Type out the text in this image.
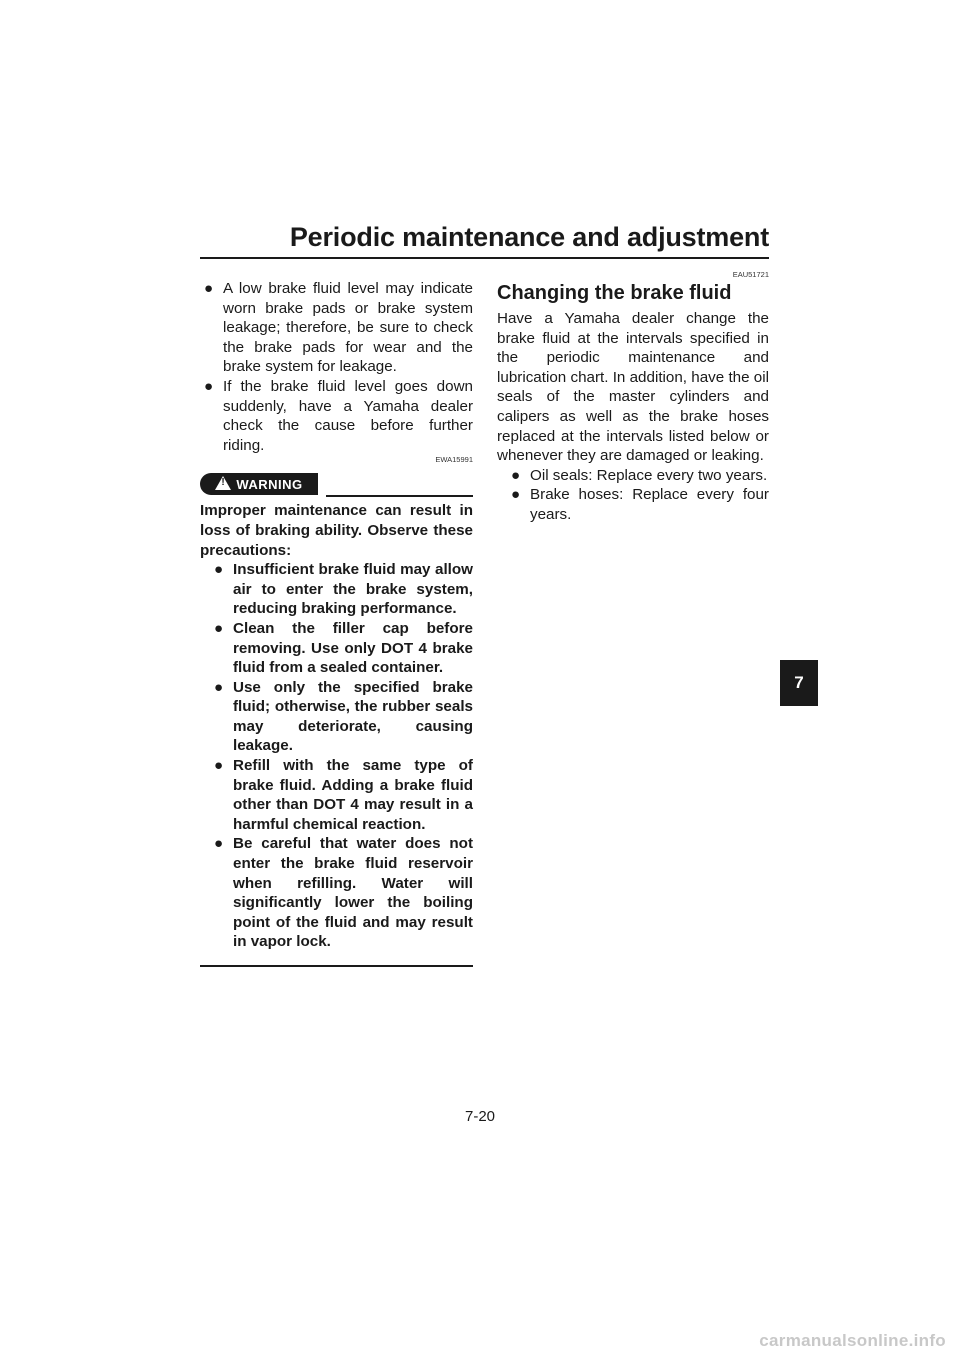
Periodic maintenance and adjustment
● A low brake fluid level may indicate worn brake pads or brake system leakage; therefore, be sure to check the brake pads for wear and the brake system for leakage.
● If the brake fluid level goes down suddenly, have a Yamaha dealer check the cause before further riding.
EWA15991
!
WARNING
Improper maintenance can result in loss of braking ability. Observe these precautions:
● Insufficient brake fluid may allow air to enter the brake system, reducing braking performance.
● Clean the filler cap before removing. Use only DOT 4 brake fluid from a sealed container.
● Use only the specified brake fluid; otherwise, the rubber seals may deteriorate, causing leakage.
● Refill with the same type of brake fluid. Adding a brake fluid other than DOT 4 may result in a harmful chemical reaction.
● Be careful that water does not enter the brake fluid reservoir when refilling. Water will significantly lower the boiling point of the fluid and may result in vapor lock.
EAU51721
Changing the brake fluid
Have a Yamaha dealer change the brake fluid at the intervals specified in the periodic maintenance and lubrication chart. In addition, have the oil seals of the master cylinders and calipers as well as the brake hoses replaced at the intervals listed below or whenever they are damaged or leaking.
● Oil seals: Replace every two years.
● Brake hoses: Replace every four years.
7
7-20
carmanualsonline.info
